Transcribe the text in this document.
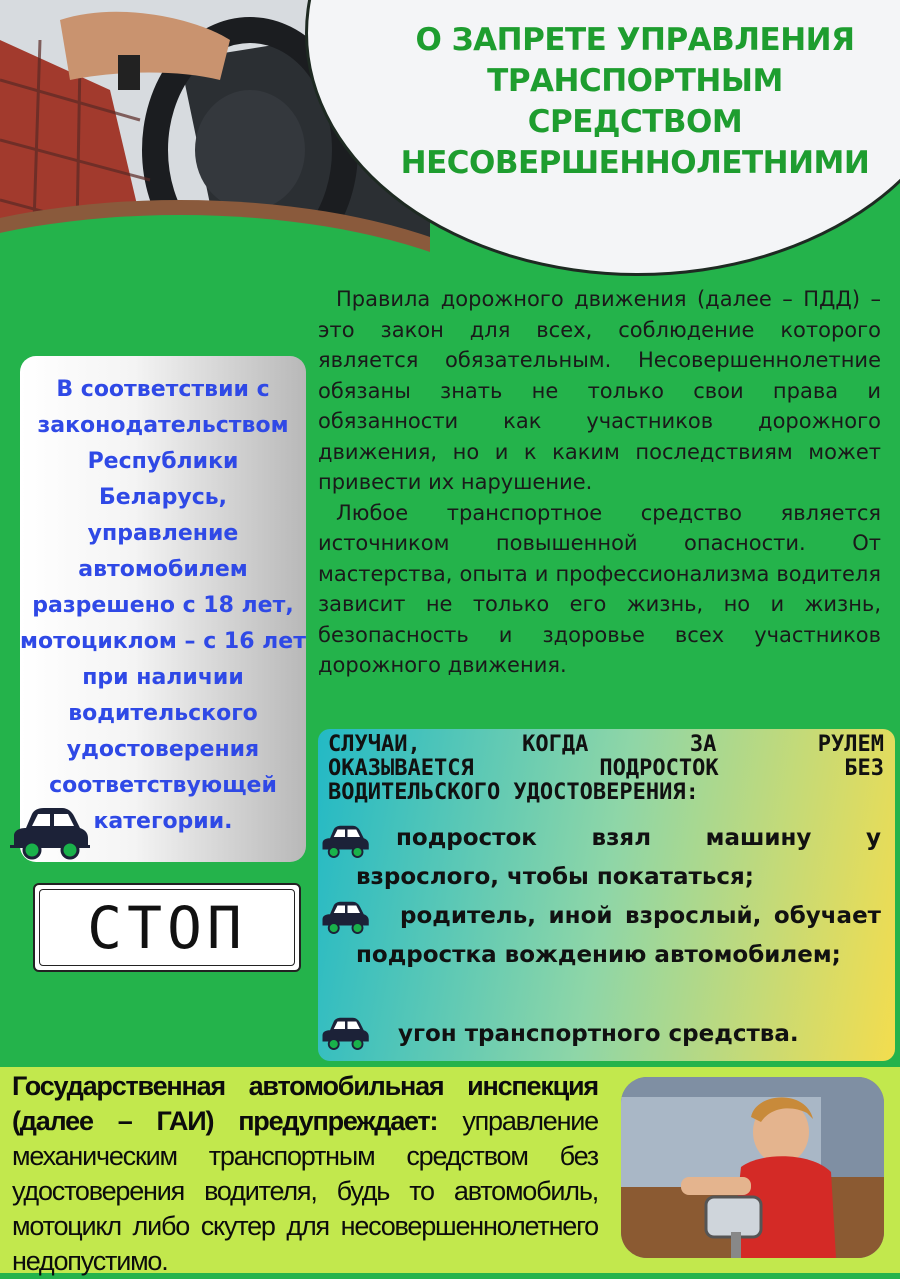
О ЗАПРЕТЕ УПРАВЛЕНИЯ
ТРАНСПОРТНЫМ
СРЕДСТВОМ
НЕСОВЕРШЕННОЛЕТНИМИ

Правила дорожного движения (далее – ПДД) – это закон для всех, соблюдение которого является обязательным. Несовершеннолетние обязаны знать не только свои права и обязанности как участников дорожного движения, но и к каким последствиям может привести их нарушение.

Любое транспортное средство является источником повышенной опасности. От мастерства, опыта и профессионализма водителя зависит не только его жизнь, но и жизнь, безопасность и здоровье всех участников дорожного движения.

В соответствии с законодательством Республики Беларусь, управление автомобилем разрешено с 18 лет, мотоциклом – с 16 лет при наличии водительского удостоверения соответствующей категории.
СТОП
СЛУЧАИ, КОГДА ЗА РУЛЕМ
ОКАЗЫВАЕТСЯ ПОДРОСТОК БЕЗ
ВОДИТЕЛЬСКОГО УДОСТОВЕРЕНИЯ:
подросток взял машину у взрослого, чтобы покататься;
родитель, иной взрослый, обучает подростка вождению автомобилем;
угон транспортного средства.
Государственная автомобильная инспекция (далее – ГАИ) предупреждает: управление механическим транспортным средством без удостоверения водителя, будь то автомобиль, мотоцикл либо скутер для несовершеннолетнего недопустимо.
